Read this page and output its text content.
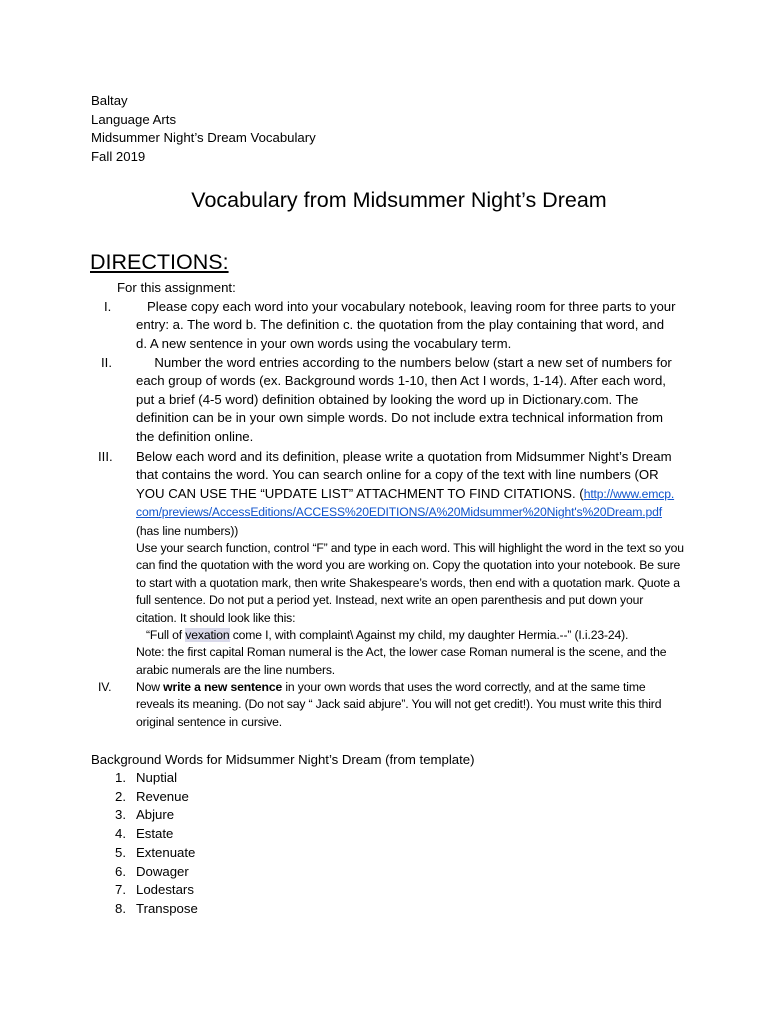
Baltay
Language Arts
Midsummer Night’s Dream Vocabulary
Fall 2019
Vocabulary from Midsummer Night’s Dream
DIRECTIONS:
For this assignment:
I. Please copy each word into your vocabulary notebook, leaving room for three parts to your entry: a. The word b. The definition c. the quotation from the play containing that word, and d. A new sentence in your own words using the vocabulary term.
II. Number the word entries according to the numbers below (start a new set of numbers for each group of words (ex. Background words 1-10, then Act I words, 1-14). After each word, put a brief (4-5 word) definition obtained by looking the word up in Dictionary.com. The definition can be in your own simple words. Do not include extra technical information from the definition online.
III. Below each word and its definition, please write a quotation from Midsummer Night’s Dream that contains the word. You can search online for a copy of the text with line numbers (OR YOU CAN USE THE “UPDATE LIST” ATTACHMENT TO FIND CITATIONS. (http://www.emcp.com/previews/AccessEditions/ACCESS%20EDITIONS/A%20Midsummer%20Night's%20Dream.pdf (has line numbers))
Use your search function, control “F” and type in each word. This will highlight the word in the text so you can find the quotation with the word you are working on. Copy the quotation into your notebook. Be sure to start with a quotation mark, then write Shakespeare’s words, then end with a quotation mark. Quote a full sentence. Do not put a period yet. Instead, next write an open parenthesis and put down your citation. It should look like this:
“Full of vexation come I, with complaint\ Against my child, my daughter Hermia.--” (I.i.23-24).
Note: the first capital Roman numeral is the Act, the lower case Roman numeral is the scene, and the arabic numerals are the line numbers.
IV. Now write a new sentence in your own words that uses the word correctly, and at the same time reveals its meaning. (Do not say “ Jack said abjure”. You will not get credit!). You must write this third original sentence in cursive.
Background Words for Midsummer Night’s Dream (from template)
1. Nuptial
2. Revenue
3. Abjure
4. Estate
5. Extenuate
6. Dowager
7. Lodestars
8. Transpose
